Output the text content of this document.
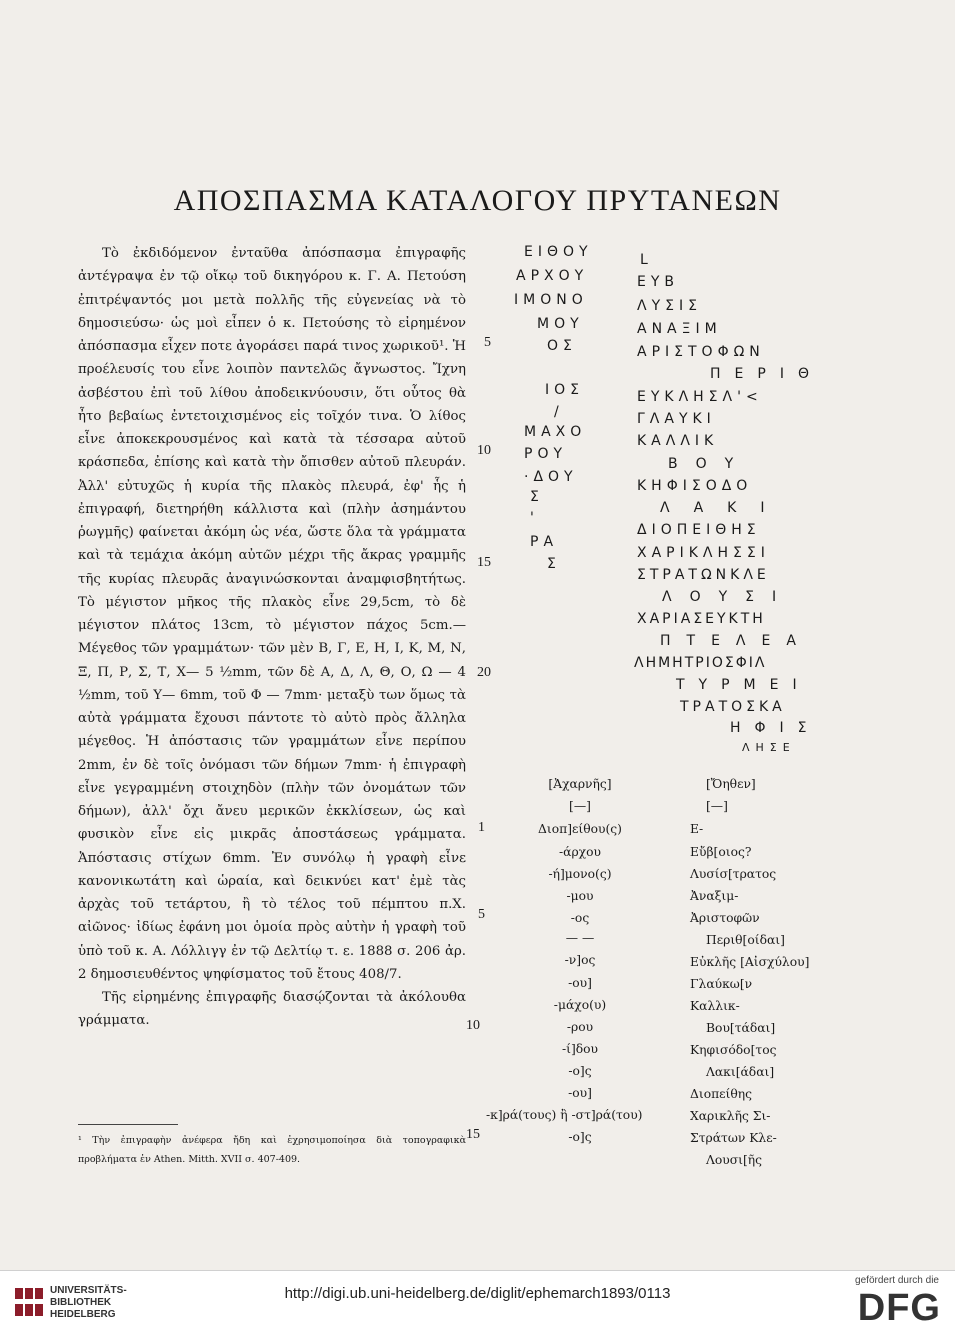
ΑΠΟΣΠΑΣΜΑ ΚΑΤΑΛΟΓΟΥ ΠΡΥΤΑΝΕΩΝ

Τὸ ἐκδιδόμενον ἐνταῦθα ἀπόσπασμα ἐπιγραφῆς ἀντέγραψα ἐν τῷ οἴκῳ τοῦ δικηγόρου κ. Γ. Α. Πετούση ἐπιτρέψαντός μοι μετὰ πολλῆς τῆς εὐγενείας νὰ τὸ δημοσιεύσω· ὡς μοὶ εἶπεν ὁ κ. Πετούσης τὸ εἰρημένον ἀπόσπασμα εἶχεν ποτε ἀγοράσει παρά τινος χωρικοῦ¹. Ἡ προέλευσίς του εἶνε λοιπὸν παντελῶς ἄγνωστος. Ἴχνη ἀσβέστου ἐπὶ τοῦ λίθου ἀποδεικνύουσιν, ὅτι οὗτος θὰ ἦτο βεβαίως ἐντετοιχισμένος εἰς τοῖχόν τινα. Ὁ λίθος εἶνε ἀποκεκρουσμένος καὶ κατὰ τὰ τέσσαρα αὐτοῦ κράσπεδα, ἐπίσης καὶ κατὰ τὴν ὄπισθεν αὐτοῦ πλευράν. Ἀλλ' εὐτυχῶς ἡ κυρία τῆς πλακὸς πλευρά, ἐφ' ἧς ἡ ἐπιγραφή, διετηρήθη κάλλιστα καὶ (πλὴν ἀσημάντου ῥωγμῆς) φαίνεται ἀκόμη ὡς νέα, ὥστε ὅλα τὰ γράμματα καὶ τὰ τεμάχια ἀκόμη αὐτῶν μέχρι τῆς ἄκρας γραμμῆς τῆς κυρίας πλευρᾶς ἀναγινώσκονται ἀναμφισβητήτως. Τὸ μέγιστον μῆκος τῆς πλακὸς εἶνε 29,5cm, τὸ δὲ μέγιστον πλάτος 13cm, τὸ μέγιστον πάχος 5cm.— Μέγεθος τῶν γραμμάτων· τῶν μὲν Β, Γ, Ε, Η, Ι, Κ, Μ, Ν, Ξ, Π, Ρ, Σ, Τ, Χ— 5 ½mm, τῶν δὲ Α, Δ, Λ, Θ, Ο, Ω — 4 ½mm, τοῦ Υ— 6mm, τοῦ Φ — 7mm· μεταξὺ των ὅμως τὰ αὐτὰ γράμματα ἔχουσι πάντοτε τὸ αὐτὸ πρὸς ἄλληλα μέγεθος. Ἡ ἀπόστασις τῶν γραμμάτων εἶνε περίπου 2mm, ἐν δὲ τοῖς ὀνόμασι τῶν δήμων 7mm· ἡ ἐπιγραφὴ εἶνε γεγραμμένη στοιχηδὸν (πλὴν τῶν ὀνομάτων τῶν δήμων), ἀλλ' ὄχι ἄνευ μερικῶν ἐκκλίσεων, ὡς καὶ φυσικὸν εἶνε εἰς μικρᾶς ἀποστάσεως γράμματα. Ἀπόστασις στίχων 6mm. Ἐν συνόλῳ ἡ γραφὴ εἶνε κανονικωτάτη καὶ ὡραία, καὶ δεικνύει κατ' ἐμὲ τὰς ἀρχὰς τοῦ τετάρτου, ἢ τὸ τέλος τοῦ πέμπτου π.Χ. αἰῶνος· ἰδίως ἐφάνη μοι ὁμοία πρὸς αὐτὴν ἡ γραφὴ τοῦ ὑπὸ τοῦ κ. Α. Λόλλιγγ ἐν τῷ Δελτίῳ τ. ε. 1888 σ. 206 ἀρ. 2 δημοσιευθέντος ψηφίσματος τοῦ ἔτους 408/7.

Τῆς εἰρημένης ἐπιγραφῆς διασῴζονται τὰ ἀκόλουθα γράμματα.

¹ Τὴν ἐπιγραφὴν ἀνέφερα ἤδη καὶ ἐχρησιμοποίησα διὰ τοπογραφικὰ προβλήματα ἐν Athen. Mitth. XVII σ. 407-409.
5
10
15
20
ΕΙΘΟΥ
ΑΡΧΟΥ
ΙΜΟΝΟ
ΜΟΥ
ΟΣ
ΙΟΣ
/
ΜΑΧΟ
ΡΟΥ
·ΔΟΥ
Σ
'
ΡΑ
Σ
L
ΕΥΒ
ΛΥΣΙΣ
ΑΝΑΞΙΜ
ΑΡΙΣΤΟΦΩΝ
ΠΕΡΙΘ
ΕΥΚΛΗΣΛ'<
ΓΛΑΥΚΙ
ΚΑΛΛΙΚ
ΒΟΥ
ΚΗΦΙΣΟΔΟ
ΛΑΚΙ
ΔΙΟΠΕΙΘΗΣ
ΧΑΡΙΚΛΗΣΣΙ
ΣΤΡΑΤΩΝΚΛΕ
ΛΟΥΣΙ
ΧΑΡΙΑΣΕΥΚΤΗ
ΠΤΕΛΕΑ
ΛΗΜΗΤΡΙΟΣΦΙΛ
ΤΥΡΜΕΙ
ΤΡΑΤΟΣΚΑ
ΗΦΙΣ
ΛΗΣΕ
[Ἀχαρνῆς]	[Ὄηθεν]
1
5
10
15
[—]
Διοπ]είθου(ς)
-άρχου
-ή]μονο(ς)
-μου
-ος
— —
-ν]ος
-ου]
-μάχο(υ)
-ρου
-ί]δου
-ο]ς
-ου]
-κ]ρά(τους) ἢ -στ]ρά(του)
-ο]ς
[—]
Ε-
Εὔβ[οιος?
Λυσίσ[τρατος
Ἀναξιμ-
Ἀριστοφῶν
Περιθ[οίδαι]
Εὐκλῆς [Αἰσχύλου]
Γλαύκω[ν
Καλλικ-
Βου[τάδαι]
Κηφισόδο[τος
Λακι[άδαι]
Διοπείθης
Χαρικλῆς Σι-
Στράτων Κλε-
Λουσι[ῆς
UNIVERSITÄTS-
BIBLIOTHEK
HEIDELBERG
http://digi.ub.uni-heidelberg.de/diglit/ephemarch1893/0113
gefördert durch die
DFG
